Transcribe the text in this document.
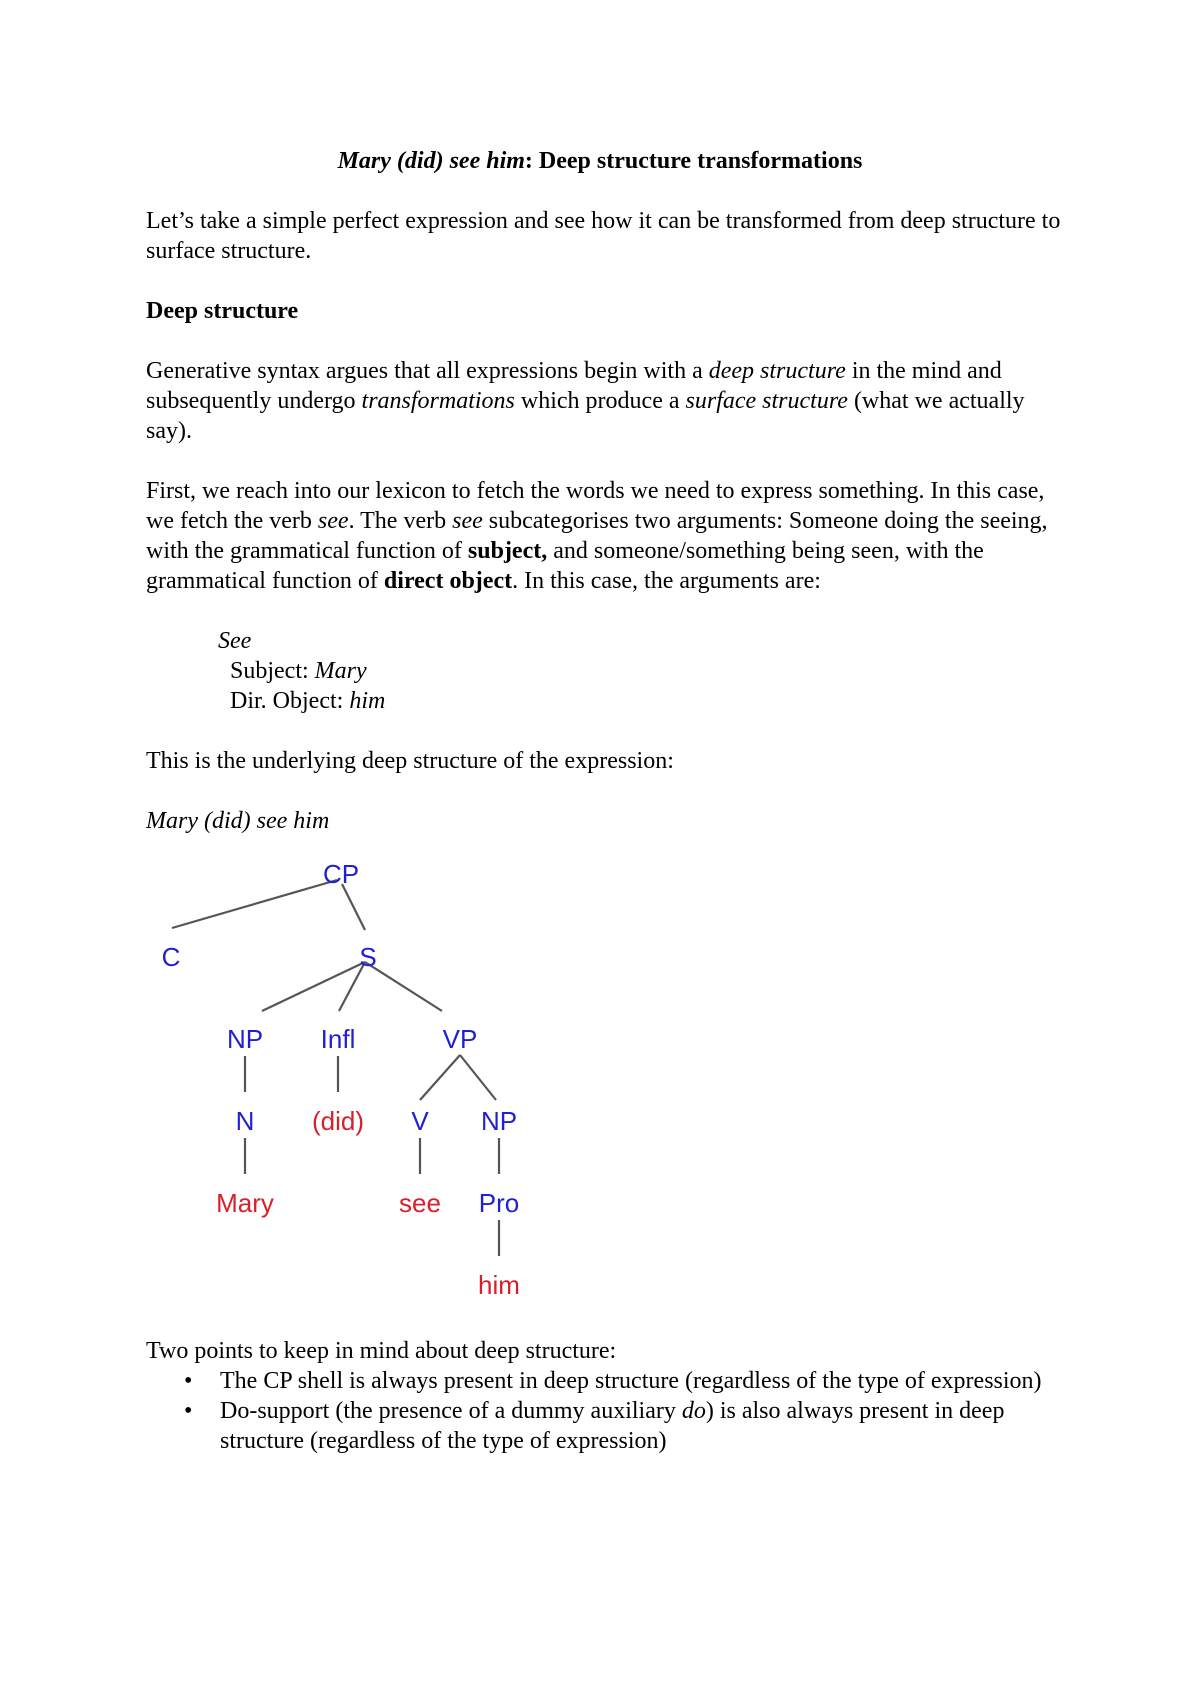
Mary (did) see him: Deep structure transformations

Let’s take a simple perfect expression and see how it can be transformed from deep structure to surface structure.

Deep structure

Generative syntax argues that all expressions begin with a deep structure in the mind and subsequently undergo transformations which produce a surface structure (what we actually say).

First, we reach into our lexicon to fetch the words we need to express something. In this case, we fetch the verb see. The verb see subcategorises two arguments: Someone doing the seeing, with the grammatical function of subject, and someone/something being seen, with the grammatical function of direct object. In this case, the arguments are:

See

Subject: Mary

Dir. Object: him

This is the underlying deep structure of the expression:
Mary (did) see him
CP
C	S
NP Infl	VP
N (did) V NP
Mary	see Pro
him

Two points to keep in mind about deep structure:

• The CP shell is always present in deep structure (regardless of the type of expression)
• Do-support (the presence of a dummy auxiliary do) is also always present in deep structure (regardless of the type of expression)
